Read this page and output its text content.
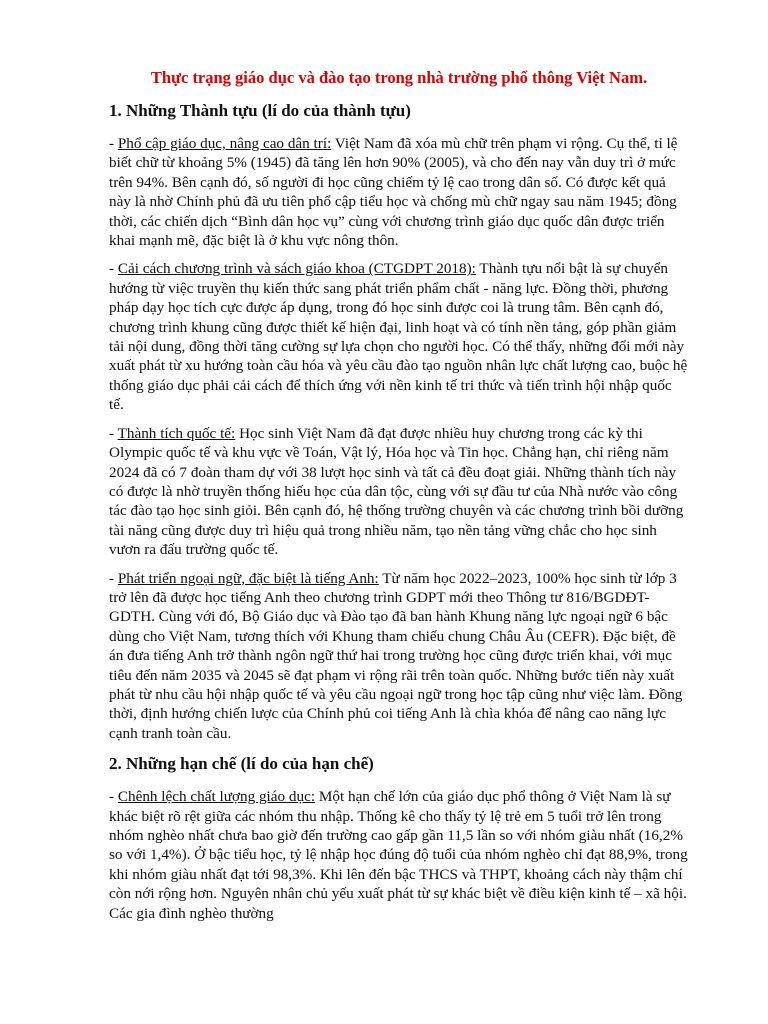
Thực trạng giáo dục và đào tạo trong nhà trường phổ thông Việt Nam.
1. Những Thành tựu (lí do của thành tựu)

- Phổ cập giáo dục, nâng cao dân trí: Việt Nam đã xóa mù chữ trên phạm vi rộng. Cụ thể, tỉ lệ biết chữ từ khoảng 5% (1945) đã tăng lên hơn 90% (2005), và cho đến nay vẫn duy trì ở mức trên 94%. Bên cạnh đó, số người đi học cũng chiếm tỷ lệ cao trong dân số. Có được kết quả này là nhờ Chính phủ đã ưu tiên phổ cập tiểu học và chống mù chữ ngay sau năm 1945; đồng thời, các chiến dịch “Bình dân học vụ” cùng với chương trình giáo dục quốc dân được triển khai mạnh mẽ, đặc biệt là ở khu vực nông thôn.

- Cải cách chương trình và sách giáo khoa (CTGDPT 2018): Thành tựu nổi bật là sự chuyển hướng từ việc truyền thụ kiến thức sang phát triển phẩm chất - năng lực. Đồng thời, phương pháp dạy học tích cực được áp dụng, trong đó học sinh được coi là trung tâm. Bên cạnh đó, chương trình khung cũng được thiết kế hiện đại, linh hoạt và có tính nền tảng, góp phần giảm tải nội dung, đồng thời tăng cường sự lựa chọn cho người học. Có thể thấy, những đổi mới này xuất phát từ xu hướng toàn cầu hóa và yêu cầu đào tạo nguồn nhân lực chất lượng cao, buộc hệ thống giáo dục phải cải cách để thích ứng với nền kinh tế tri thức và tiến trình hội nhập quốc tế.

- Thành tích quốc tế: Học sinh Việt Nam đã đạt được nhiều huy chương trong các kỳ thi Olympic quốc tế và khu vực về Toán, Vật lý, Hóa học và Tin học. Chẳng hạn, chỉ riêng năm 2024 đã có 7 đoàn tham dự với 38 lượt học sinh và tất cả đều đoạt giải. Những thành tích này có được là nhờ truyền thống hiếu học của dân tộc, cùng với sự đầu tư của Nhà nước vào công tác đào tạo học sinh giỏi. Bên cạnh đó, hệ thống trường chuyên và các chương trình bồi dưỡng tài năng cũng được duy trì hiệu quả trong nhiều năm, tạo nền tảng vững chắc cho học sinh vươn ra đấu trường quốc tế.

- Phát triển ngoại ngữ, đặc biệt là tiếng Anh: Từ năm học 2022–2023, 100% học sinh từ lớp 3 trở lên đã được học tiếng Anh theo chương trình GDPT mới theo Thông tư 816/BGDĐT-GDTH. Cùng với đó, Bộ Giáo dục và Đào tạo đã ban hành Khung năng lực ngoại ngữ 6 bậc dùng cho Việt Nam, tương thích với Khung tham chiếu chung Châu Âu (CEFR). Đặc biệt, đề án đưa tiếng Anh trở thành ngôn ngữ thứ hai trong trường học cũng được triển khai, với mục tiêu đến năm 2035 và 2045 sẽ đạt phạm vi rộng rãi trên toàn quốc. Những bước tiến này xuất phát từ nhu cầu hội nhập quốc tế và yêu cầu ngoại ngữ trong học tập cũng như việc làm. Đồng thời, định hướng chiến lược của Chính phủ coi tiếng Anh là chìa khóa để nâng cao năng lực cạnh tranh toàn cầu.

2. Những hạn chế (lí do của hạn chế)

- Chênh lệch chất lượng giáo dục: Một hạn chế lớn của giáo dục phổ thông ở Việt Nam là sự khác biệt rõ rệt giữa các nhóm thu nhập. Thống kê cho thấy tỷ lệ trẻ em 5 tuổi trở lên trong nhóm nghèo nhất chưa bao giờ đến trường cao gấp gần 11,5 lần so với nhóm giàu nhất (16,2% so với 1,4%). Ở bậc tiểu học, tỷ lệ nhập học đúng độ tuổi của nhóm nghèo chỉ đạt 88,9%, trong khi nhóm giàu nhất đạt tới 98,3%. Khi lên đến bậc THCS và THPT, khoảng cách này thậm chí còn nới rộng hơn. Nguyên nhân chủ yếu xuất phát từ sự khác biệt về điều kiện kinh tế – xã hội. Các gia đình nghèo thường
